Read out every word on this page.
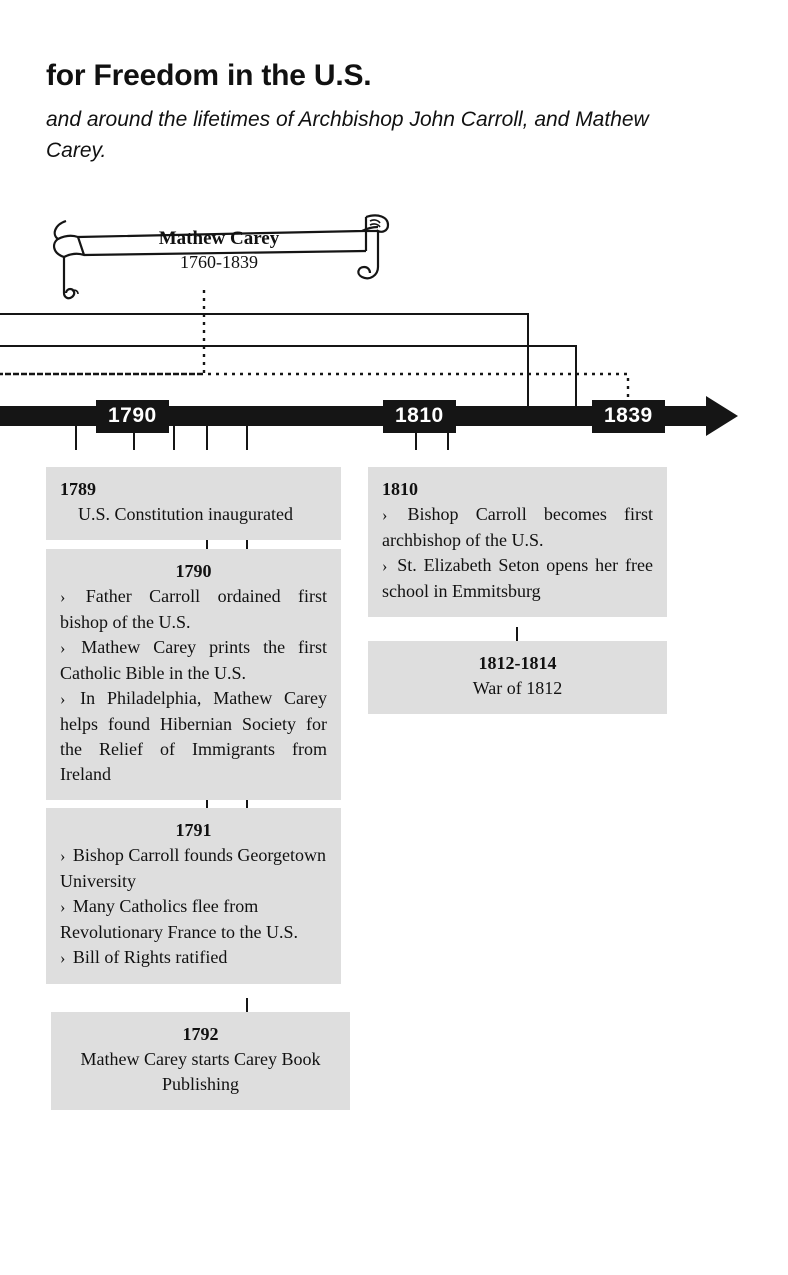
for Freedom in the U.S.
and around the lifetimes of Archbishop John Carroll, and Mathew Carey.
Mathew Carey
1760-1839
1790	1810	1839
1789
U.S. Constitution inaugurated
1790
› Father Carroll ordained first bishop of the U.S.
› Mathew Carey prints the first Catholic Bible in the U.S.
› In Philadelphia, Mathew Carey helps found Hibernian Society for the Relief of Immigrants from Ireland
1791
› Bishop Carroll founds Georgetown University
› Many Catholics flee from Revolutionary France to the U.S.
› Bill of Rights ratified
1792
Mathew Carey starts Carey Book Publishing
1810
› Bishop Carroll becomes first archbishop of the U.S.
› St. Elizabeth Seton opens her free school in Emmitsburg
1812-1814
War of 1812
